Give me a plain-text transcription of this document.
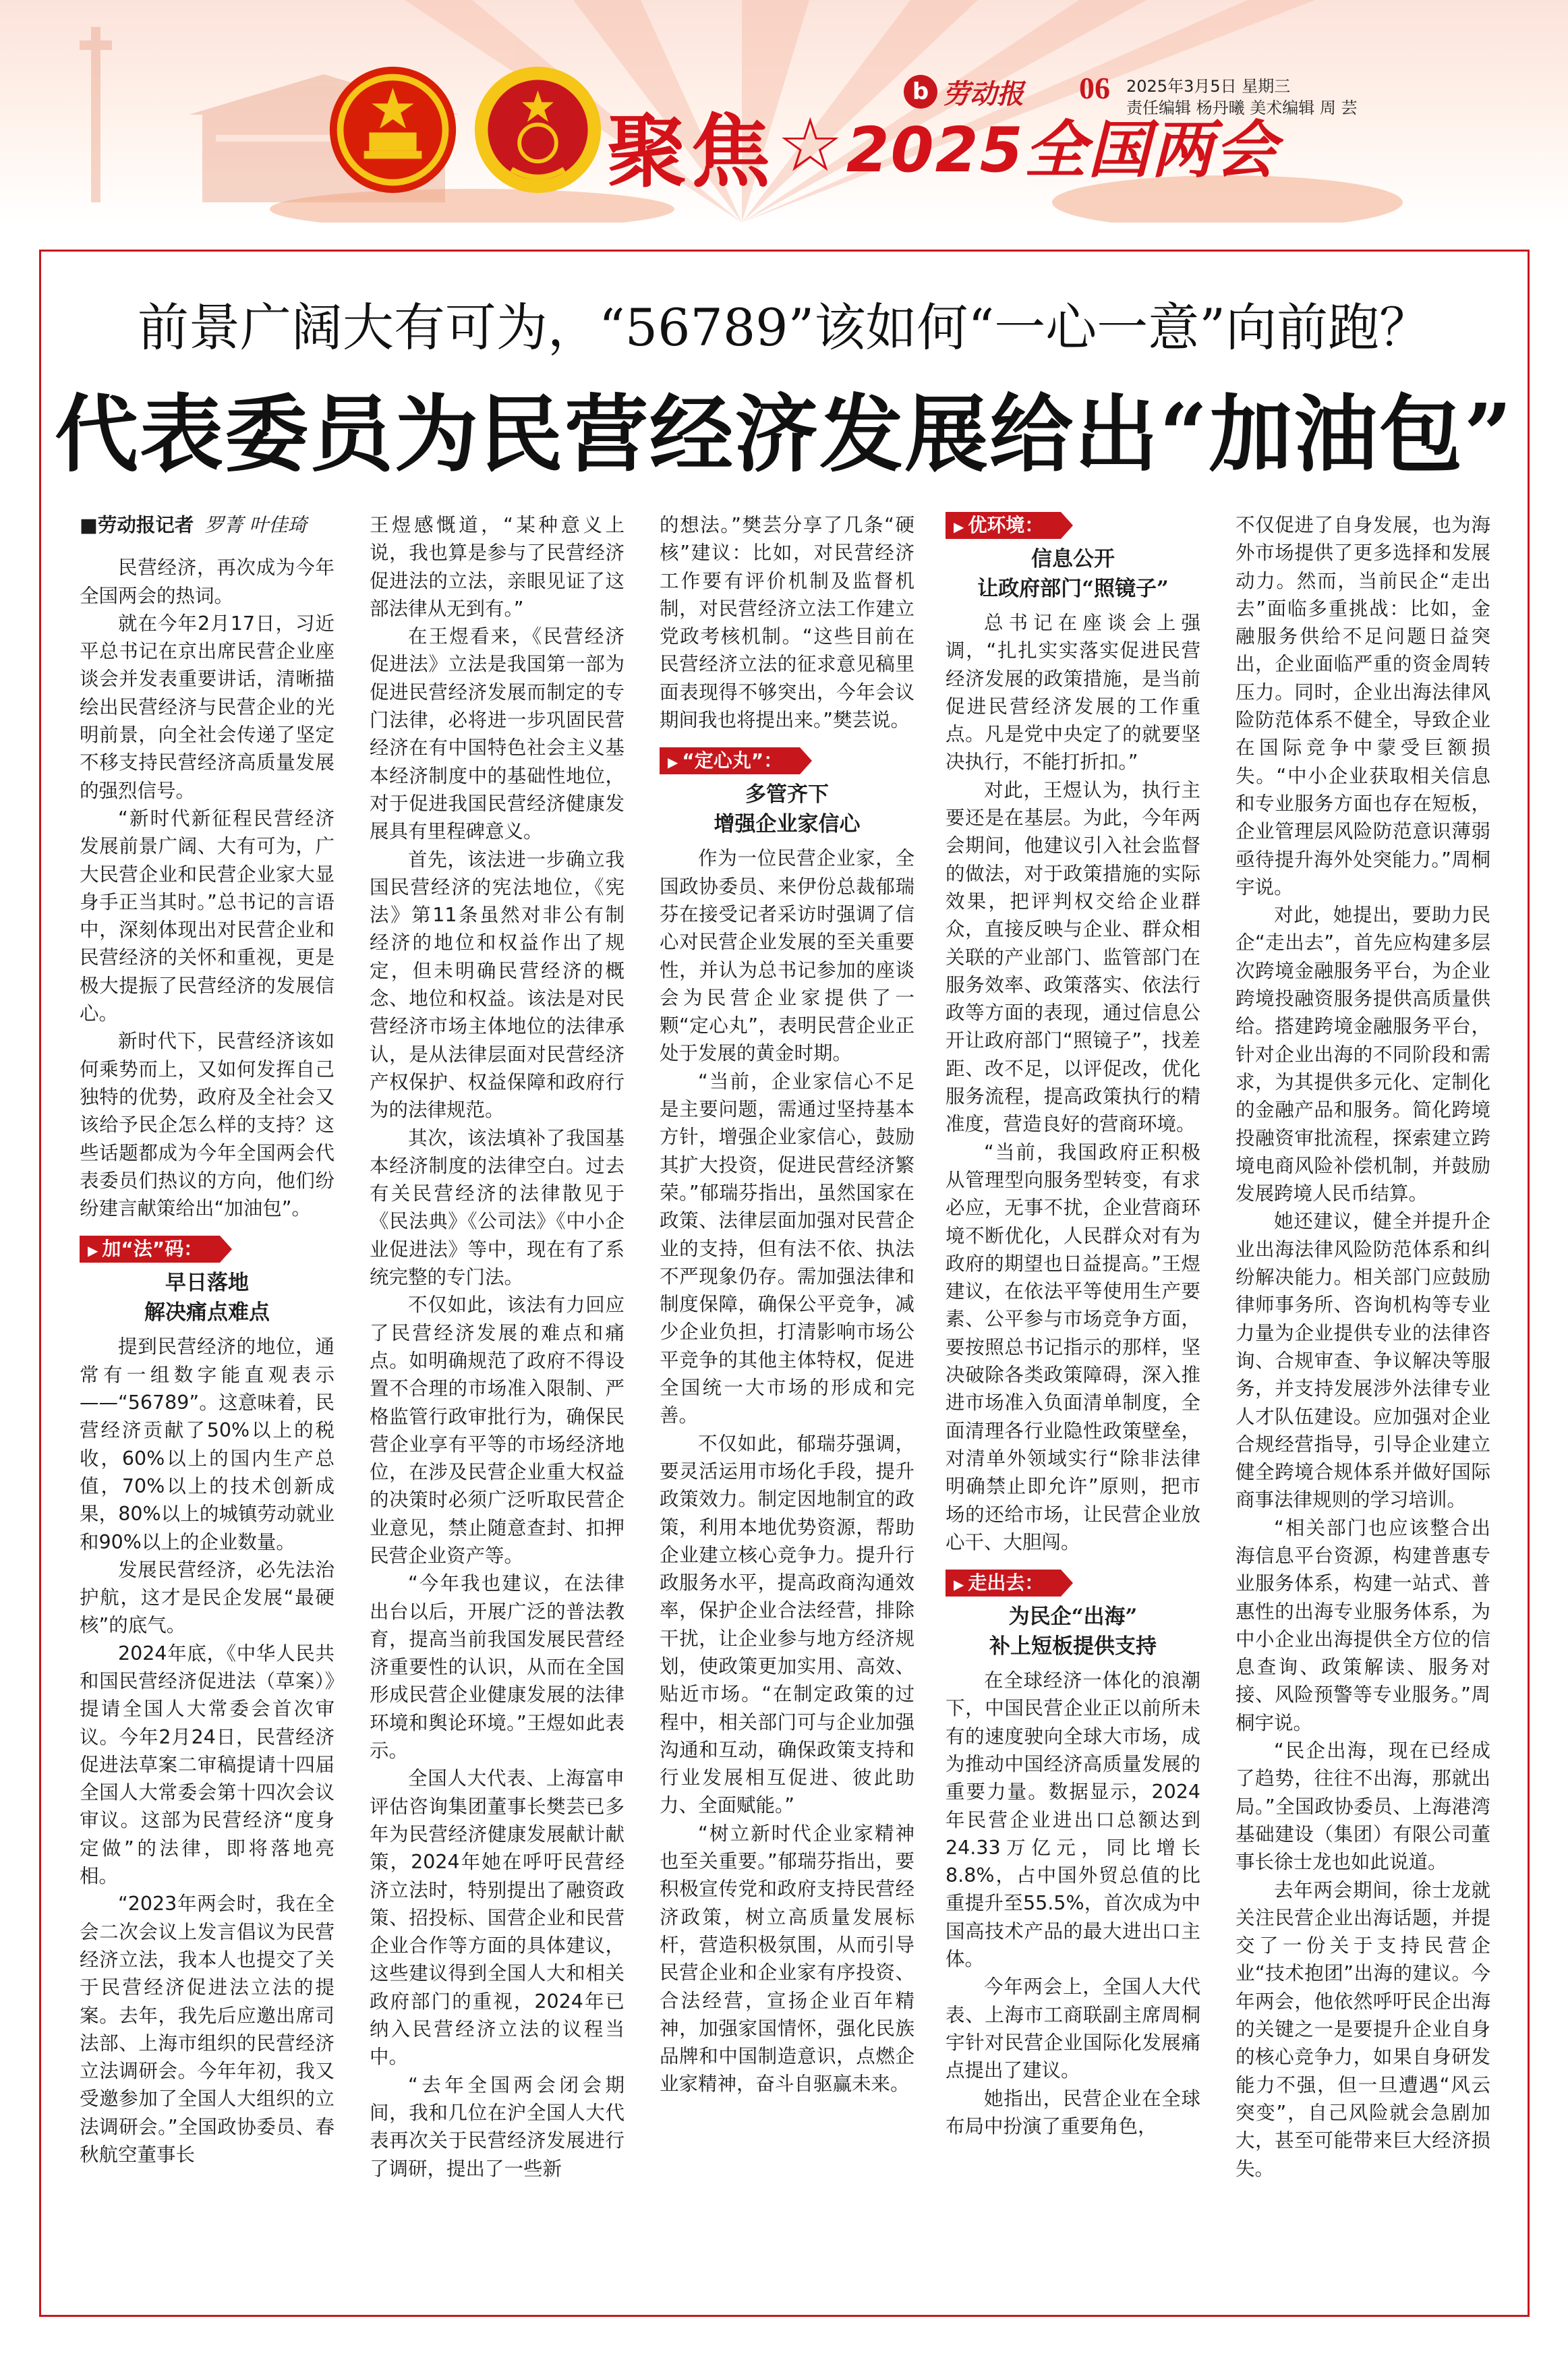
b 劳动报 06 2025年3月5日 星期三
责任编辑 杨丹曦 美术编辑 周 芸
聚焦 ☆ 2025全国两会
前景广阔大有可为，“56789”该如何“一心一意”向前跑？
代表委员为民营经济发展给出“加油包”

■劳动报记者 罗菁 叶佳琦

民营经济，再次成为今年全国两会的热词。

就在今年2月17日，习近平总书记在京出席民营企业座谈会并发表重要讲话，清晰描绘出民营经济与民营企业的光明前景，向全社会传递了坚定不移支持民营经济高质量发展的强烈信号。

“新时代新征程民营经济发展前景广阔、大有可为，广大民营企业和民营企业家大显身手正当其时。”总书记的言语中，深刻体现出对民营企业和民营经济的关怀和重视，更是极大提振了民营经济的发展信心。

新时代下，民营经济该如何乘势而上，又如何发挥自己独特的优势，政府及全社会又该给予民企怎么样的支持？这些话题都成为今年全国两会代表委员们热议的方向，他们纷纷建言献策给出“加油包”。

▶ 加“法”码：
早日落地
解决痛点难点

提到民营经济的地位，通常有一组数字能直观表示——“56789”。这意味着，民营经济贡献了50%以上的税收，60%以上的国内生产总值，70%以上的技术创新成果，80%以上的城镇劳动就业和90%以上的企业数量。

发展民营经济，必先法治护航，这才是民企发展“最硬核”的底气。

2024年底，《中华人民共和国民营经济促进法（草案）》提请全国人大常委会首次审议。今年2月24日，民营经济促进法草案二审稿提请十四届全国人大常委会第十四次会议审议。这部为民营经济“度身定做”的法律，即将落地亮相。

“2023年两会时，我在全会二次会议上发言倡议为民营经济立法，我本人也提交了关于民营经济促进法立法的提案。去年，我先后应邀出席司法部、上海市组织的民营经济立法调研会。今年年初，我又受邀参加了全国人大组织的立法调研会。”全国政协委员、春秋航空董事长

王煜感慨道，“某种意义上说，我也算是参与了民营经济促进法的立法，亲眼见证了这部法律从无到有。”

在王煜看来，《民营经济促进法》立法是我国第一部为促进民营经济发展而制定的专门法律，必将进一步巩固民营经济在有中国特色社会主义基本经济制度中的基础性地位，对于促进我国民营经济健康发展具有里程碑意义。

首先，该法进一步确立我国民营经济的宪法地位，《宪法》第11条虽然对非公有制经济的地位和权益作出了规定，但未明确民营经济的概念、地位和权益。该法是对民营经济市场主体地位的法律承认，是从法律层面对民营经济产权保护、权益保障和政府行为的法律规范。

其次，该法填补了我国基本经济制度的法律空白。过去有关民营经济的法律散见于《民法典》《公司法》《中小企业促进法》等中，现在有了系统完整的专门法。

不仅如此，该法有力回应了民营经济发展的难点和痛点。如明确规范了政府不得设置不合理的市场准入限制、严格监管行政审批行为，确保民营企业享有平等的市场经济地位，在涉及民营企业重大权益的决策时必须广泛听取民营企业意见，禁止随意查封、扣押民营企业资产等。

“今年我也建议，在法律出台以后，开展广泛的普法教育，提高当前我国发展民营经济重要性的认识，从而在全国形成民营企业健康发展的法律环境和舆论环境。”王煜如此表示。

全国人大代表、上海富申评估咨询集团董事长樊芸已多年为民营经济健康发展献计献策，2024年她在呼吁民营经济立法时，特别提出了融资政策、招投标、国营企业和民营企业合作等方面的具体建议，这些建议得到全国人大和相关政府部门的重视，2024年已纳入民营经济立法的议程当中。

“去年全国两会闭会期间，我和几位在沪全国人大代表再次关于民营经济发展进行了调研，提出了一些新

的想法。”樊芸分享了几条“硬核”建议：比如，对民营经济工作要有评价机制及监督机制，对民营经济立法工作建立党政考核机制。“这些目前在民营经济立法的征求意见稿里面表现得不够突出，今年会议期间我也将提出来。”樊芸说。

▶ “定心丸”：
多管齐下
增强企业家信心

作为一位民营企业家，全国政协委员、来伊份总裁郁瑞芬在接受记者采访时强调了信心对民营企业发展的至关重要性，并认为总书记参加的座谈会为民营企业家提供了一颗“定心丸”，表明民营企业正处于发展的黄金时期。

“当前，企业家信心不足是主要问题，需通过坚持基本方针，增强企业家信心，鼓励其扩大投资，促进民营经济繁荣。”郁瑞芬指出，虽然国家在政策、法律层面加强对民营企业的支持，但有法不依、执法不严现象仍存。需加强法律和制度保障，确保公平竞争，减少企业负担，打清影响市场公平竞争的其他主体特权，促进全国统一大市场的形成和完善。

不仅如此，郁瑞芬强调，要灵活运用市场化手段，提升政策效力。制定因地制宜的政策，利用本地优势资源，帮助企业建立核心竞争力。提升行政服务水平，提高政商沟通效率，保护企业合法经营，排除干扰，让企业参与地方经济规划，使政策更加实用、高效、贴近市场。“在制定政策的过程中，相关部门可与企业加强沟通和互动，确保政策支持和行业发展相互促进、彼此助力、全面赋能。”

“树立新时代企业家精神也至关重要。”郁瑞芬指出，要积极宣传党和政府支持民营经济政策，树立高质量发展标杆，营造积极氛围，从而引导民营企业和企业家有序投资、合法经营，宣扬企业百年精神，加强家国情怀，强化民族品牌和中国制造意识，点燃企业家精神，奋斗自驱赢未来。

▶ 优环境：
信息公开
让政府部门“照镜子”

总书记在座谈会上强调，“扎扎实实落实促进民营经济发展的政策措施，是当前促进民营经济发展的工作重点。凡是党中央定了的就要坚决执行，不能打折扣。”

对此，王煜认为，执行主要还是在基层。为此，今年两会期间，他建议引入社会监督的做法，对于政策措施的实际效果，把评判权交给企业群众，直接反映与企业、群众相关联的产业部门、监管部门在服务效率、政策落实、依法行政等方面的表现，通过信息公开让政府部门“照镜子”，找差距、改不足，以评促改，优化服务流程，提高政策执行的精准度，营造良好的营商环境。

“当前，我国政府正积极从管理型向服务型转变，有求必应，无事不扰，企业营商环境不断优化，人民群众对有为政府的期望也日益提高。”王煜建议，在依法平等使用生产要素、公平参与市场竞争方面，要按照总书记指示的那样，坚决破除各类政策障碍，深入推进市场准入负面清单制度，全面清理各行业隐性政策壁垒，对清单外领域实行“除非法律明确禁止即允许”原则，把市场的还给市场，让民营企业放心干、大胆闯。

▶ 走出去：
为民企“出海”
补上短板提供支持

在全球经济一体化的浪潮下，中国民营企业正以前所未有的速度驶向全球大市场，成为推动中国经济高质量发展的重要力量。数据显示，2024年民营企业进出口总额达到24.33万亿元，同比增长8.8%，占中国外贸总值的比重提升至55.5%，首次成为中国高技术产品的最大进出口主体。

今年两会上，全国人大代表、上海市工商联副主席周桐宇针对民营企业国际化发展痛点提出了建议。

她指出，民营企业在全球布局中扮演了重要角色，

不仅促进了自身发展，也为海外市场提供了更多选择和发展动力。然而，当前民企“走出去”面临多重挑战：比如，金融服务供给不足问题日益突出，企业面临严重的资金周转压力。同时，企业出海法律风险防范体系不健全，导致企业在国际竞争中蒙受巨额损失。“中小企业获取相关信息和专业服务方面也存在短板，企业管理层风险防范意识薄弱亟待提升海外处突能力。”周桐宇说。

对此，她提出，要助力民企“走出去”，首先应构建多层次跨境金融服务平台，为企业跨境投融资服务提供高质量供给。搭建跨境金融服务平台，针对企业出海的不同阶段和需求，为其提供多元化、定制化的金融产品和服务。简化跨境投融资审批流程，探索建立跨境电商风险补偿机制，并鼓励发展跨境人民币结算。

她还建议，健全并提升企业出海法律风险防范体系和纠纷解决能力。相关部门应鼓励律师事务所、咨询机构等专业力量为企业提供专业的法律咨询、合规审查、争议解决等服务，并支持发展涉外法律专业人才队伍建设。应加强对企业合规经营指导，引导企业建立健全跨境合规体系并做好国际商事法律规则的学习培训。

“相关部门也应该整合出海信息平台资源，构建普惠专业服务体系，构建一站式、普惠性的出海专业服务体系，为中小企业出海提供全方位的信息查询、政策解读、服务对接、风险预警等专业服务。”周桐宇说。

“民企出海，现在已经成了趋势，往往不出海，那就出局。”全国政协委员、上海港湾基础建设（集团）有限公司董事长徐士龙也如此说道。

去年两会期间，徐士龙就关注民营企业出海话题，并提交了一份关于支持民营企业“技术抱团”出海的建议。今年两会，他依然呼吁民企出海的关键之一是要提升企业自身的核心竞争力，如果自身研发能力不强，但一旦遭遇“风云突变”，自己风险就会急剧加大，甚至可能带来巨大经济损失。
